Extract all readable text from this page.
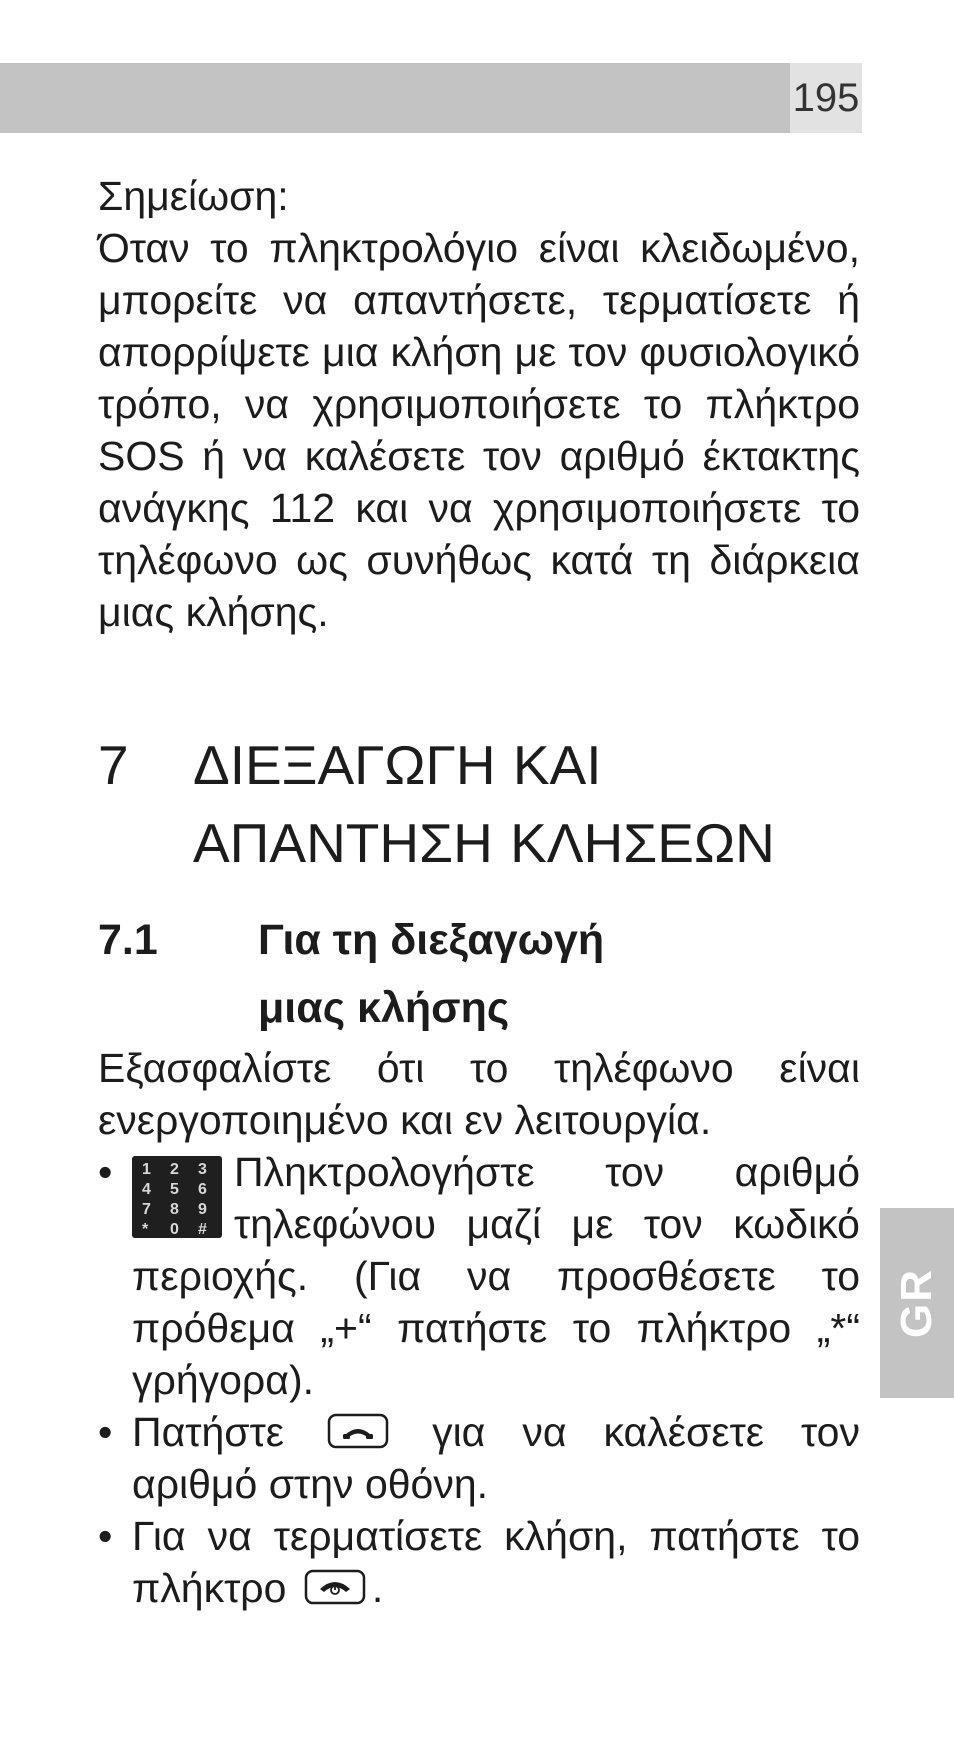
195

Σημείωση:

Όταν το πληκτρολόγιο είναι κλειδωμένο, μπορείτε να απαντήσετε, τερματίσετε ή απορρίψετε μια κλήση με τον φυσιολογικό τρόπο, να χρησιμοποιήσετε το πλήκτρο SOS ή να καλέσετε τον αριθμό έκτακτης ανάγκης 112 και να χρησιμοποιήσετε το τηλέφωνο ως συνήθως κατά τη διάρκεια μιας κλήσης.

7	ΔΙΕΞΑΓΩΓΗ ΚΑΙ
ΑΠΑΝΤΗΣΗ ΚΛΗΣΕΩΝ
7.1	Για τη διεξαγωγή
μιας κλήσης

Εξασφαλίστε ότι το τηλέφωνο είναι ενεργοποιημένο και εν λειτουργία.

• 1 2 3
4 5 6
7 8 9
* 0 #
Πληκτρολογήστε τον αριθμό τηλεφώνου μαζί με τον κωδικό περιοχής. (Για να προσθέσετε το πρόθεμα „+“ πατήστε το πλήκτρο „*“ γρήγορα).
• Πατήστε	για να καλέσετε τον αριθμό στην οθόνη.
• Για να τερματίσετε κλήση, πατήστε το πλήκτρο .
GR
